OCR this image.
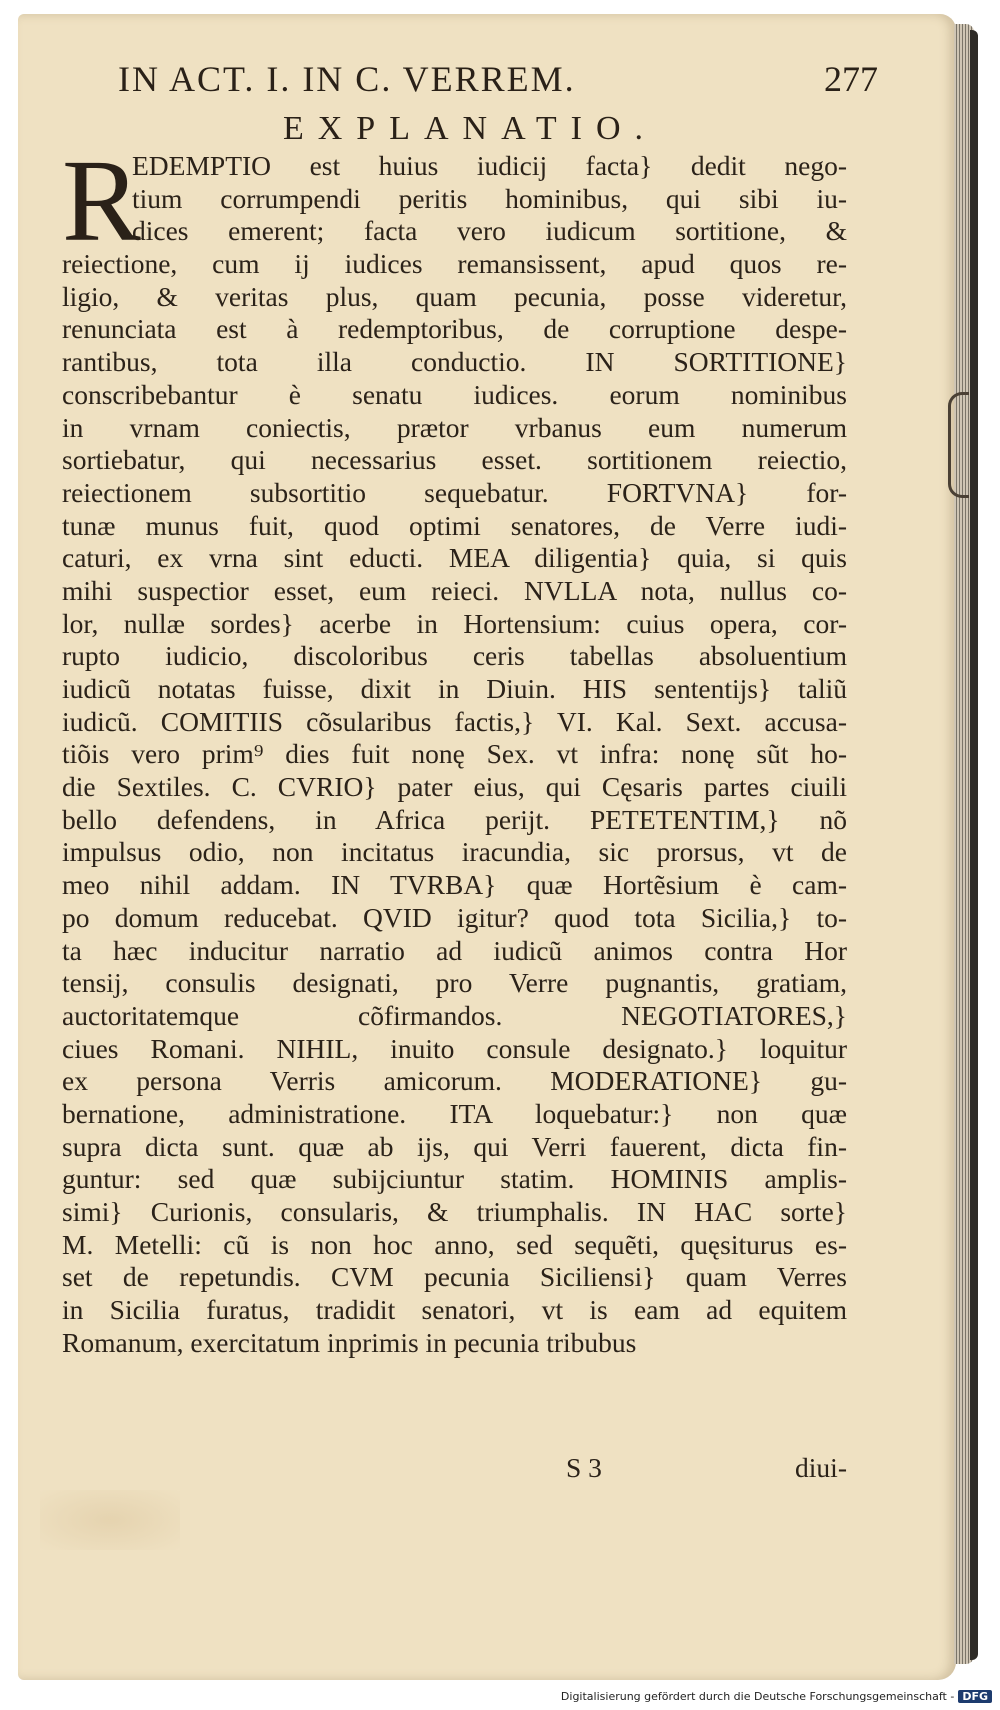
IN ACT. I. IN C. VERREM.	277
EXPLANATIO.
R
EDEMPTIO est huius iudicij facta} dedit nego-
tium corrumpendi peritis hominibus, qui sibi iu-
dices emerent; facta vero iudicum sortitione, &
reiectione, cum ij iudices remansissent, apud quos re-
ligio, & veritas plus, quam pecunia, posse videretur,
renunciata est à redemptoribus, de corruptione despe-
rantibus, tota illa conductio. IN SORTITIONE}
conscribebantur è senatu iudices. eorum nominibus
in vrnam coniectis, prætor vrbanus eum numerum
sortiebatur, qui necessarius esset. sortitionem reiectio,
reiectionem subsortitio sequebatur. FORTVNA} for-
tunæ munus fuit, quod optimi senatores, de Verre iudi-
caturi, ex vrna sint educti. MEA diligentia} quia, si quis
mihi suspectior esset, eum reieci. NVLLA nota, nullus co-
lor, nullæ sordes} acerbe in Hortensium: cuius opera, cor-
rupto iudicio, discoloribus ceris tabellas absoluentium
iudicũ notatas fuisse, dixit in Diuin. HIS sententijs} taliũ
iudicũ. COMITIIS cõsularibus factis,} VI. Kal. Sext. accusa-
tiõis vero prim⁹ dies fuit nonę Sex. vt infra: nonę sũt ho-
die Sextiles. C. CVRIO} pater eius, qui Cęsaris partes ciuili
bello defendens, in Africa perijt. PETETENTIM,} nõ
impulsus odio, non incitatus iracundia, sic prorsus, vt de
meo nihil addam. IN TVRBA} quæ Hortẽsium è cam-
po domum reducebat. QVID igitur? quod tota Sicilia,} to-
ta hæc inducitur narratio ad iudicũ animos contra Hor
tensij, consulis designati, pro Verre pugnantis, gratiam,
auctoritatemque cõfirmandos. NEGOTIATORES,}
ciues Romani. NIHIL, inuito consule designato.} loquitur
ex persona Verris amicorum. MODERATIONE} gu-
bernatione, administratione. ITA loquebatur:} non quæ
supra dicta sunt. quæ ab ijs, qui Verri fauerent, dicta fin-
guntur: sed quæ subijciuntur statim. HOMINIS amplis-
simi} Curionis, consularis, & triumphalis. IN HAC sorte}
M. Metelli: cũ is non hoc anno, sed sequẽti, quęsiturus es-
set de repetundis. CVM pecunia Siciliensi} quam Verres
in Sicilia furatus, tradidit senatori, vt is eam ad equitem
Romanum, exercitatum inprimis in pecunia tribubus
S 3	diui-
Digitalisierung gefördert durch die Deutsche Forschungsgemeinschaft - DFG
